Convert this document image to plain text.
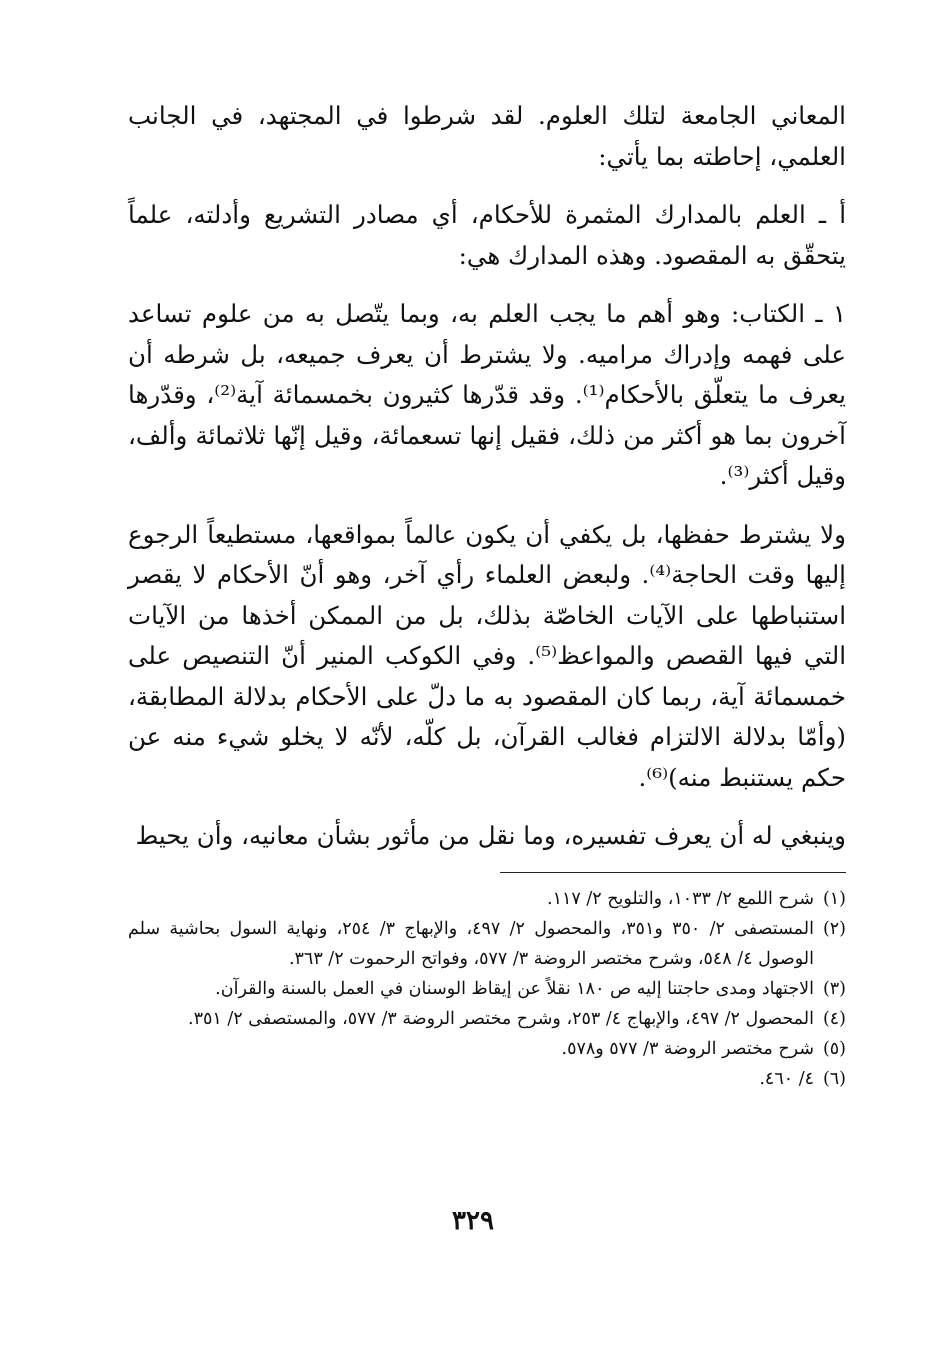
المعاني الجامعة لتلك العلوم. لقد شرطوا في المجتهد، في الجانب العلمي، إحاطته بما يأتي:

أ ـ العلم بالمدارك المثمرة للأحكام، أي مصادر التشريع وأدلته، علماً يتحقّق به المقصود. وهذه المدارك هي:

١ ـ الكتاب: وهو أهم ما يجب العلم به، وبما يتّصل به من علوم تساعد على فهمه وإدراك مراميه. ولا يشترط أن يعرف جميعه، بل شرطه أن يعرف ما يتعلّق بالأحكام⁽¹⁾. وقد قدّرها كثيرون بخمسمائة آية⁽²⁾، وقدّرها آخرون بما هو أكثر من ذلك، فقيل إنها تسعمائة، وقيل إنّها ثلاثمائة وألف، وقيل أكثر⁽³⁾.

ولا يشترط حفظها، بل يكفي أن يكون عالماً بمواقعها، مستطيعاً الرجوع إليها وقت الحاجة⁽⁴⁾. ولبعض العلماء رأي آخر، وهو أنّ الأحكام لا يقصر استنباطها على الآيات الخاصّة بذلك، بل من الممكن أخذها من الآيات التي فيها القصص والمواعظ⁽⁵⁾. وفي الكوكب المنير أنّ التنصيص على خمسمائة آية، ربما كان المقصود به ما دلّ على الأحكام بدلالة المطابقة، (وأمّا بدلالة الالتزام فغالب القرآن، بل كلّه، لأنّه لا يخلو شيء منه عن حكم يستنبط منه)⁽⁶⁾.

وينبغي له أن يعرف تفسيره، وما نقل من مأثور بشأن معانيه، وأن يحيط

(١)
شرح اللمع ٢/ ١٠٣٣، والتلويح ٢/ ١١٧.
(٢)
المستصفى ٢/ ٣٥٠ و٣٥١، والمحصول ٢/ ٤٩٧، والإبهاج ٣/ ٢٥٤، ونهاية السول بحاشية سلم الوصول ٤/ ٥٤٨، وشرح مختصر الروضة ٣/ ٥٧٧، وفواتح الرحموت ٢/ ٣٦٣.
(٣)
الاجتهاد ومدى حاجتنا إليه ص ١٨٠ نقلاً عن إيقاظ الوسنان في العمل بالسنة والقرآن.
(٤)
المحصول ٢/ ٤٩٧، والإبهاج ٤/ ٢٥٣، وشرح مختصر الروضة ٣/ ٥٧٧، والمستصفى ٢/ ٣٥١.
(٥)
شرح مختصر الروضة ٣/ ٥٧٧ و٥٧٨.
(٦)
٤/ ٤٦٠.
٣٢٩
